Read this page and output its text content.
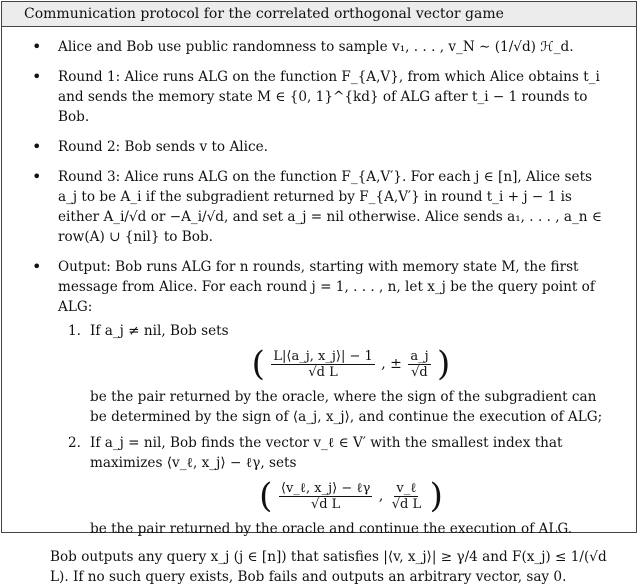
Communication protocol for the correlated orthogonal vector game
•	Alice and Bob use public randomness to sample v₁, . . . , v_N ∼ (1/√d) ℋ_d.
•	Round 1: Alice runs ALG on the function F_{A,V}, from which Alice obtains t_i and sends the memory state M ∈ {0, 1}^{kd} of ALG after t_i − 1 rounds to Bob.
•	Round 2: Bob sends v to Alice.
•	Round 3: Alice runs ALG on the function F_{A,V′}. For each j ∈ [n], Alice sets a_j to be A_i if the subgradient returned by F_{A,V′} in round t_i + j − 1 is either A_i/√d or −A_i/√d, and set a_j = nil otherwise. Alice sends a₁, . . . , a_n ∈ row(A) ∪ {nil} to Bob.
•	Output: Bob runs ALG for n rounds, starting with memory state M, the first message from Alice. For each round j = 1, . . . , n, let x_j be the query point of ALG:
1. If a_j ≠ nil, Bob sets
( $\frac{L|⟨a\_j, x\_j⟩| - 1}{\text{√d L}}$ , ± $\frac{a\_j}{√d}$ )
be the pair returned by the oracle, where the sign of the subgradient can be determined by the sign of ⟨a_j, x_j⟩, and continue the execution of ALG;
2. If a_j = nil, Bob finds the vector v_ℓ ∈ V′ with the smallest index that maximizes ⟨v_ℓ, x_j⟩ − ℓγ, sets
( $\frac{\text{⟨v\_ℓ, x\_j⟩ − ℓγ}}{\text{√d L}}$ , $\frac{\text{v\_ℓ}}{\text{√d L}}$ )
be the pair returned by the oracle and continue the execution of ALG.
Bob outputs any query x_j (j ∈ [n]) that satisfies |⟨v, x_j⟩| ≥ γ/4 and F(x_j) ≤ 1/(√d L). If no such query exists, Bob fails and outputs an arbitrary vector, say 0.
